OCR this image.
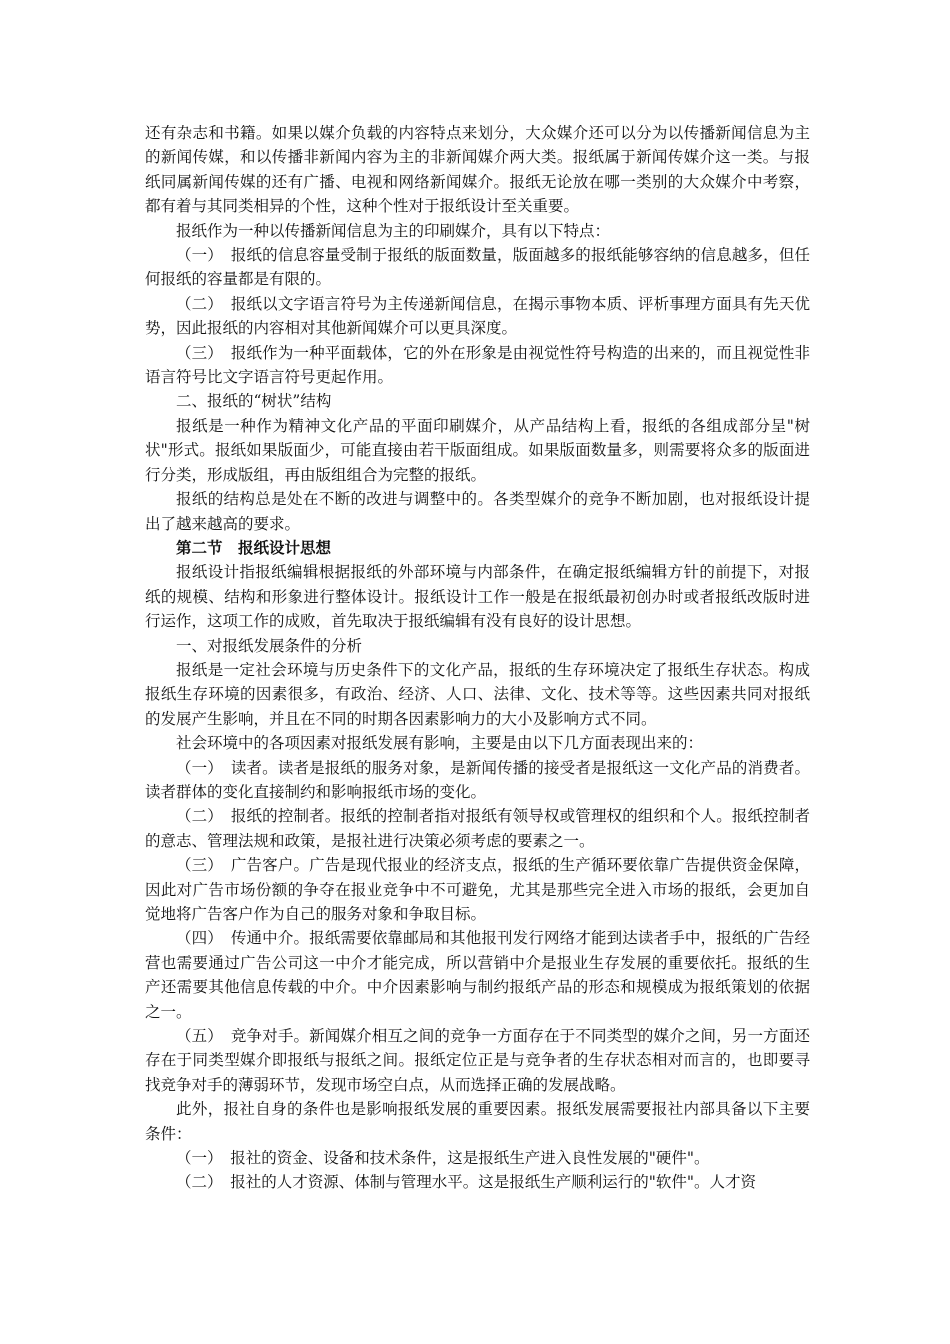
还有杂志和书籍。如果以媒介负载的内容特点来划分，大众媒介还可以分为以传播新闻信息为主的新闻传媒，和以传播非新闻内容为主的非新闻媒介两大类。报纸属于新闻传媒介这一类。与报纸同属新闻传媒的还有广播、电视和网络新闻媒介。报纸无论放在哪一类别的大众媒介中考察，都有着与其同类相异的个性，这种个性对于报纸设计至关重要。

报纸作为一种以传播新闻信息为主的印刷媒介，具有以下特点：

（一）　报纸的信息容量受制于报纸的版面数量，版面越多的报纸能够容纳的信息越多，但任何报纸的容量都是有限的。

（二）　报纸以文字语言符号为主传递新闻信息，在揭示事物本质、评析事理方面具有先天优势，因此报纸的内容相对其他新闻媒介可以更具深度。

（三）　报纸作为一种平面载体，它的外在形象是由视觉性符号构造的出来的，而且视觉性非语言符号比文字语言符号更起作用。

二、报纸的“树状”结构

报纸是一种作为精神文化产品的平面印刷媒介，从产品结构上看，报纸的各组成部分呈"树状"形式。报纸如果版面少，可能直接由若干版面组成。如果版面数量多，则需要将众多的版面进行分类，形成版组，再由版组组合为完整的报纸。

报纸的结构总是处在不断的改进与调整中的。各类型媒介的竞争不断加剧，也对报纸设计提出了越来越高的要求。

第二节　报纸设计思想

报纸设计指报纸编辑根据报纸的外部环境与内部条件，在确定报纸编辑方针的前提下，对报纸的规模、结构和形象进行整体设计。报纸设计工作一般是在报纸最初创办时或者报纸改版时进行运作，这项工作的成败，首先取决于报纸编辑有没有良好的设计思想。

一、对报纸发展条件的分析

报纸是一定社会环境与历史条件下的文化产品，报纸的生存环境决定了报纸生存状态。构成报纸生存环境的因素很多，有政治、经济、人口、法律、文化、技术等等。这些因素共同对报纸的发展产生影响，并且在不同的时期各因素影响力的大小及影响方式不同。

社会环境中的各项因素对报纸发展有影响，主要是由以下几方面表现出来的：

（一）　读者。读者是报纸的服务对象，是新闻传播的接受者是报纸这一文化产品的消费者。读者群体的变化直接制约和影响报纸市场的变化。

（二）　报纸的控制者。报纸的控制者指对报纸有领导权或管理权的组织和个人。报纸控制者的意志、管理法规和政策，是报社进行决策必须考虑的要素之一。

（三）　广告客户。广告是现代报业的经济支点，报纸的生产循环要依靠广告提供资金保障，因此对广告市场份额的争夺在报业竞争中不可避免，尤其是那些完全进入市场的报纸，会更加自觉地将广告客户作为自己的服务对象和争取目标。

（四）　传通中介。报纸需要依靠邮局和其他报刊发行网络才能到达读者手中，报纸的广告经营也需要通过广告公司这一中介才能完成，所以营销中介是报业生存发展的重要依托。报纸的生产还需要其他信息传载的中介。中介因素影响与制约报纸产品的形态和规模成为报纸策划的依据之一。

（五）　竞争对手。新闻媒介相互之间的竞争一方面存在于不同类型的媒介之间，另一方面还存在于同类型媒介即报纸与报纸之间。报纸定位正是与竞争者的生存状态相对而言的，也即要寻找竞争对手的薄弱环节，发现市场空白点，从而选择正确的发展战略。

此外，报社自身的条件也是影响报纸发展的重要因素。报纸发展需要报社内部具备以下主要条件：

（一）　报社的资金、设备和技术条件，这是报纸生产进入良性发展的"硬件"。

（二）　报社的人才资源、体制与管理水平。这是报纸生产顺利运行的"软件"。人才资
